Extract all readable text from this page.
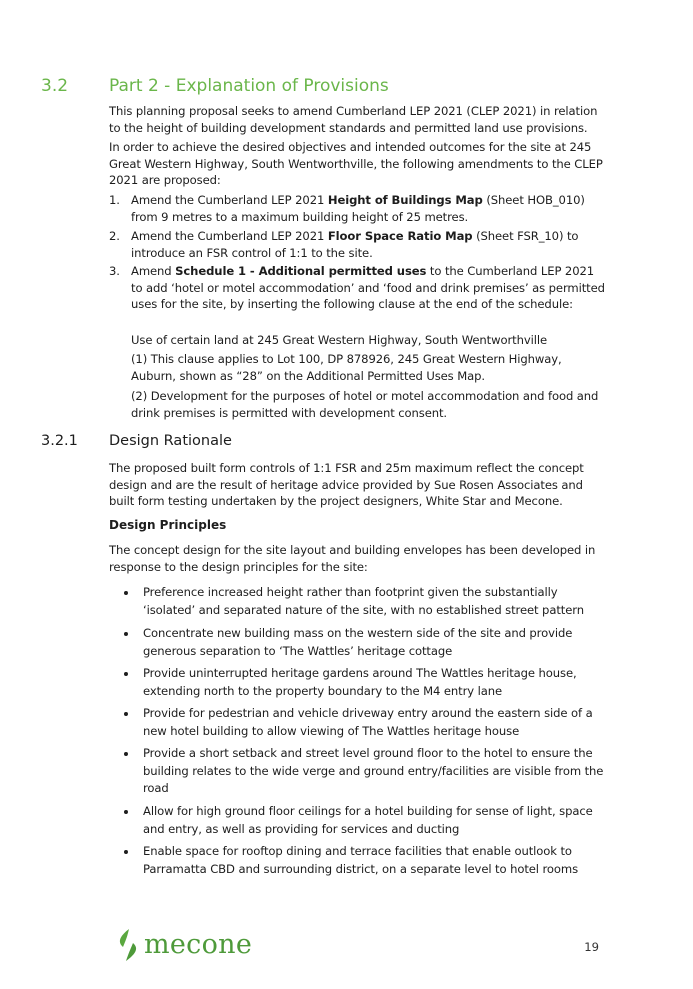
3.2 Part 2 - Explanation of Provisions
This planning proposal seeks to amend Cumberland LEP 2021 (CLEP 2021) in relation to the height of building development standards and permitted land use provisions.
In order to achieve the desired objectives and intended outcomes for the site at 245 Great Western Highway, South Wentworthville, the following amendments to the CLEP 2021 are proposed:
1. Amend the Cumberland LEP 2021 Height of Buildings Map (Sheet HOB_010) from 9 metres to a maximum building height of 25 metres.
2. Amend the Cumberland LEP 2021 Floor Space Ratio Map (Sheet FSR_10) to introduce an FSR control of 1:1 to the site.
3. Amend Schedule 1 - Additional permitted uses to the Cumberland LEP 2021 to add ‘hotel or motel accommodation’ and ‘food and drink premises’ as permitted uses for the site, by inserting the following clause at the end of the schedule:
Use of certain land at 245 Great Western Highway, South Wentworthville
(1) This clause applies to Lot 100, DP 878926, 245 Great Western Highway, Auburn, shown as “28” on the Additional Permitted Uses Map.
(2) Development for the purposes of hotel or motel accommodation and food and drink premises is permitted with development consent.
3.2.1 Design Rationale
The proposed built form controls of 1:1 FSR and 25m maximum reflect the concept design and are the result of heritage advice provided by Sue Rosen Associates and built form testing undertaken by the project designers, White Star and Mecone.
Design Principles
The concept design for the site layout and building envelopes has been developed in response to the design principles for the site:
Preference increased height rather than footprint given the substantially ‘isolated’ and separated nature of the site, with no established street pattern
Concentrate new building mass on the western side of the site and provide generous separation to ‘The Wattles’ heritage cottage
Provide uninterrupted heritage gardens around The Wattles heritage house, extending north to the property boundary to the M4 entry lane
Provide for pedestrian and vehicle driveway entry around the eastern side of a new hotel building to allow viewing of The Wattles heritage house
Provide a short setback and street level ground floor to the hotel to ensure the building relates to the wide verge and ground entry/facilities are visible from the road
Allow for high ground floor ceilings for a hotel building for sense of light, space and entry, as well as providing for services and ducting
Enable space for rooftop dining and terrace facilities that enable outlook to Parramatta CBD and surrounding district, on a separate level to hotel rooms
mecone	19
